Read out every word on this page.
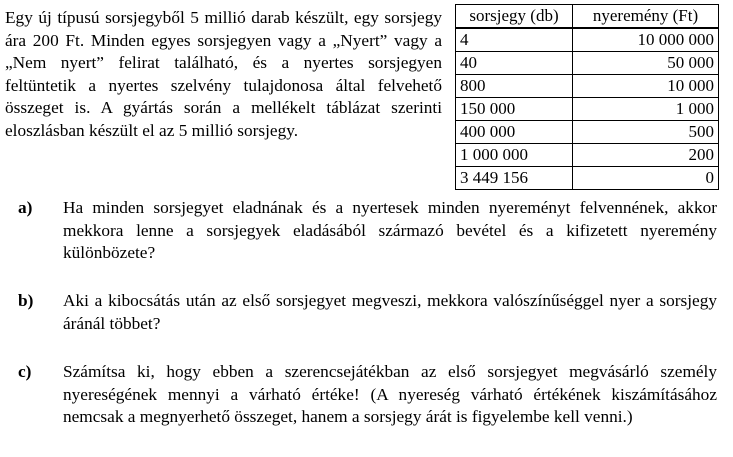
Egy új típusú sorsjegyből 5 millió darab készült, egy sorsjegy ára 200 Ft. Minden egyes sorsjegyen vagy a „Nyert” vagy a „Nem nyert” felirat található, és a nyertes sorsjegyen feltüntetik a nyertes szelvény tulajdonosa által felvehető összeget is. A gyártás során a mellékelt táblázat szerinti eloszlásban készült el az 5 millió sorsjegy.

sorsjegy (db)	nyeremény (Ft)
4	10 000 000
40	50 000
800	10 000
150 000	1 000
400 000	500
1 000 000	200
3 449 156	0
a) Ha minden sorsjegyet eladnának és a nyertesek minden nyereményt felvennének, akkor mekkora lenne a sorsjegyek eladásából származó bevétel és a kifizetett nyeremény különbözete?

b) Aki a kibocsátás után az első sorsjegyet megveszi, mekkora valószínűséggel nyer a sorsjegy áránál többet?

c) Számítsa ki, hogy ebben a szerencsejátékban az első sorsjegyet megvásárló személy nyereségének mennyi a várható értéke! (A nyereség várható értékének kiszámításához nemcsak a megnyerhető összeget, hanem a sorsjegy árát is figyelembe kell venni.)
